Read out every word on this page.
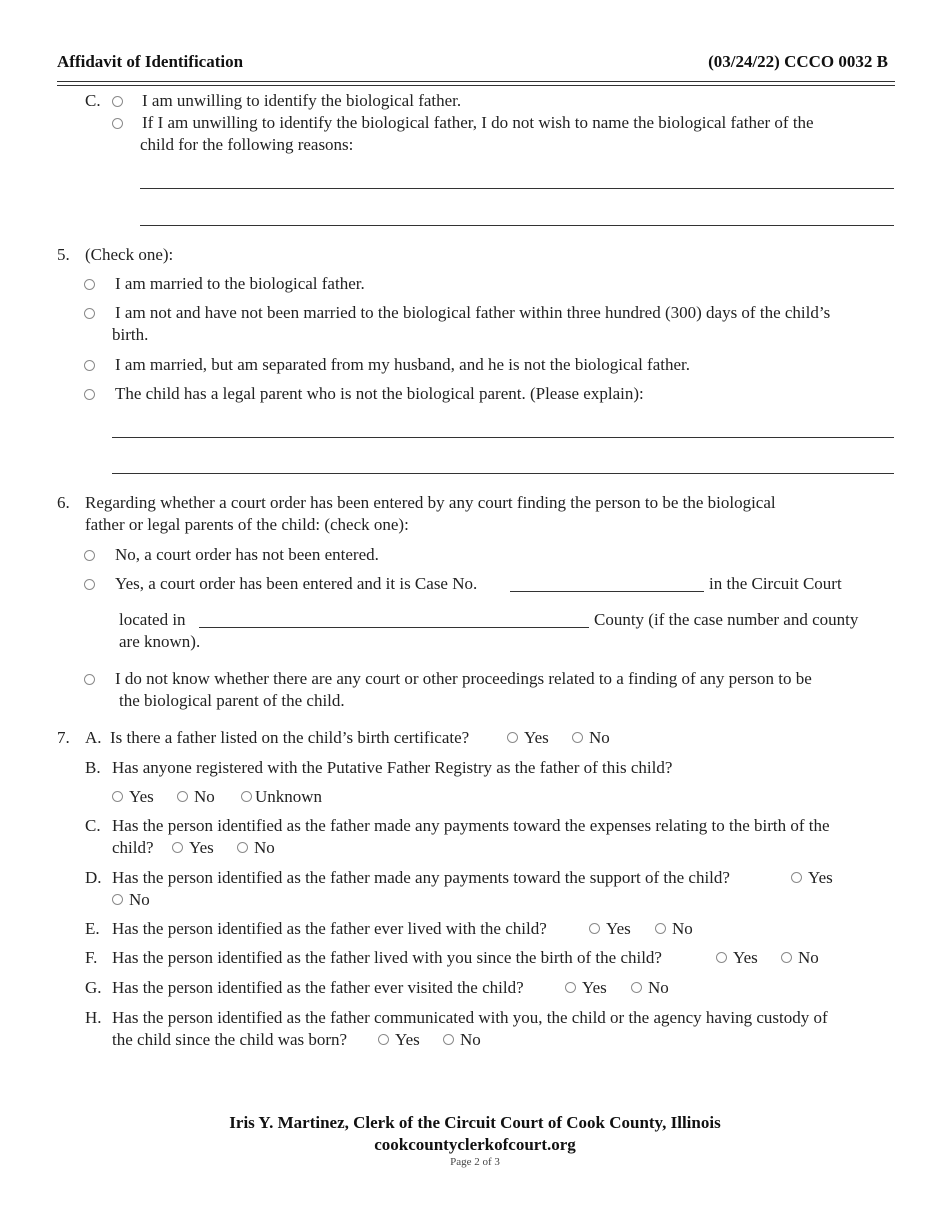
Affidavit of Identification	(03/24/22) CCCO 0032 B
C. I am unwilling to identify the biological father.
If I am unwilling to identify the biological father, I do not wish to name the biological father of the
child for the following reasons:
5. (Check one):
I am married to the biological father.
I am not and have not been married to the biological father within three hundred (300) days of the child’s
birth.
I am married, but am separated from my husband, and he is not the biological father.
The child has a legal parent who is not the biological parent. (Please explain):
6. Regarding whether a court order has been entered by any court finding the person to be the biological
father or legal parents of the child: (check one):
No, a court order has not been entered.
Yes, a court order has been entered and it is Case No.	in the Circuit Court
located in	County (if the case number and county
are known).
I do not know whether there are any court or other proceedings related to a finding of any person to be
the biological parent of the child.
7. A. Is there a father listed on the child’s birth certificate?	Yes	No
B. Has anyone registered with the Putative Father Registry as the father of this child?
Yes	No	Unknown
C. Has the person identified as the father made any payments toward the expenses relating to the birth of the
child?	Yes	No
D. Has the person identified as the father made any payments toward the support of the child?	Yes
No
E. Has the person identified as the father ever lived with the child?	Yes	No
F. Has the person identified as the father lived with you since the birth of the child?	Yes	No
G. Has the person identified as the father ever visited the child?	Yes	No
H. Has the person identified as the father communicated with you, the child or the agency having custody of
the child since the child was born?	Yes	No
Iris Y. Martinez, Clerk of the Circuit Court of Cook County, Illinois
cookcountyclerkofcourt.org
Page 2 of 3
